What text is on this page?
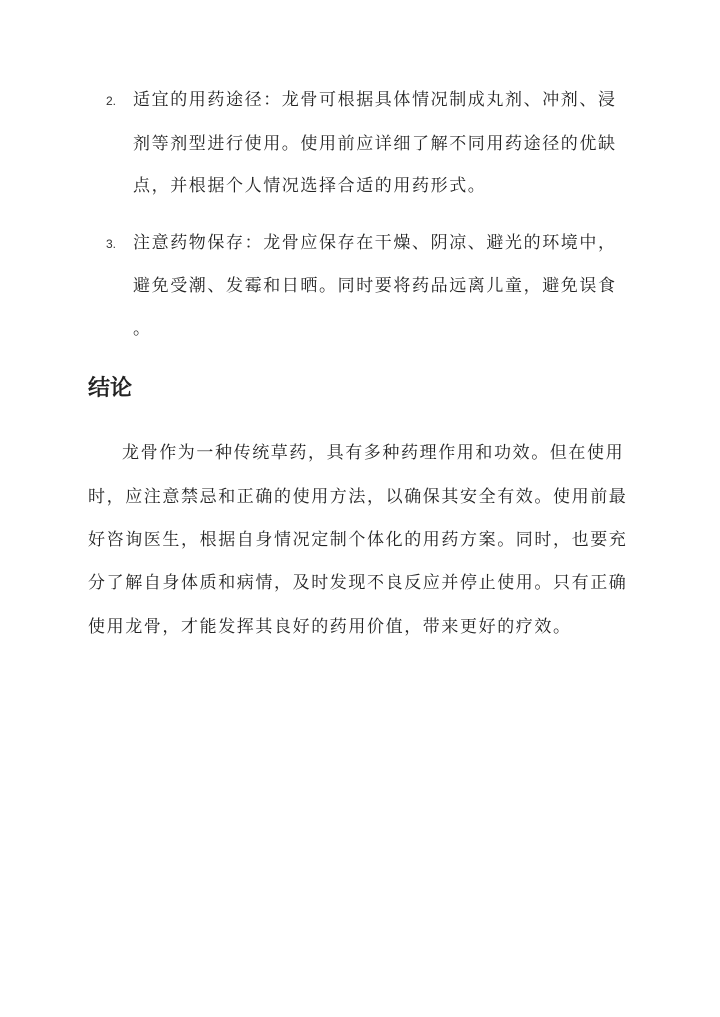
2. 适宜的用药途径：龙骨可根据具体情况制成丸剂、冲剂、浸
剂等剂型进行使用。使用前应详细了解不同用药途径的优缺
点，并根据个人情况选择合适的用药形式。
3. 注意药物保存：龙骨应保存在干燥、阴凉、避光的环境中，
避免受潮、发霉和日晒。同时要将药品远离儿童，避免误食
。
结论
龙骨作为一种传统草药，具有多种药理作用和功效。但在使用
时，应注意禁忌和正确的使用方法，以确保其安全有效。使用前最
好咨询医生，根据自身情况定制个体化的用药方案。同时，也要充
分了解自身体质和病情，及时发现不良反应并停止使用。只有正确
使用龙骨，才能发挥其良好的药用价值，带来更好的疗效。
